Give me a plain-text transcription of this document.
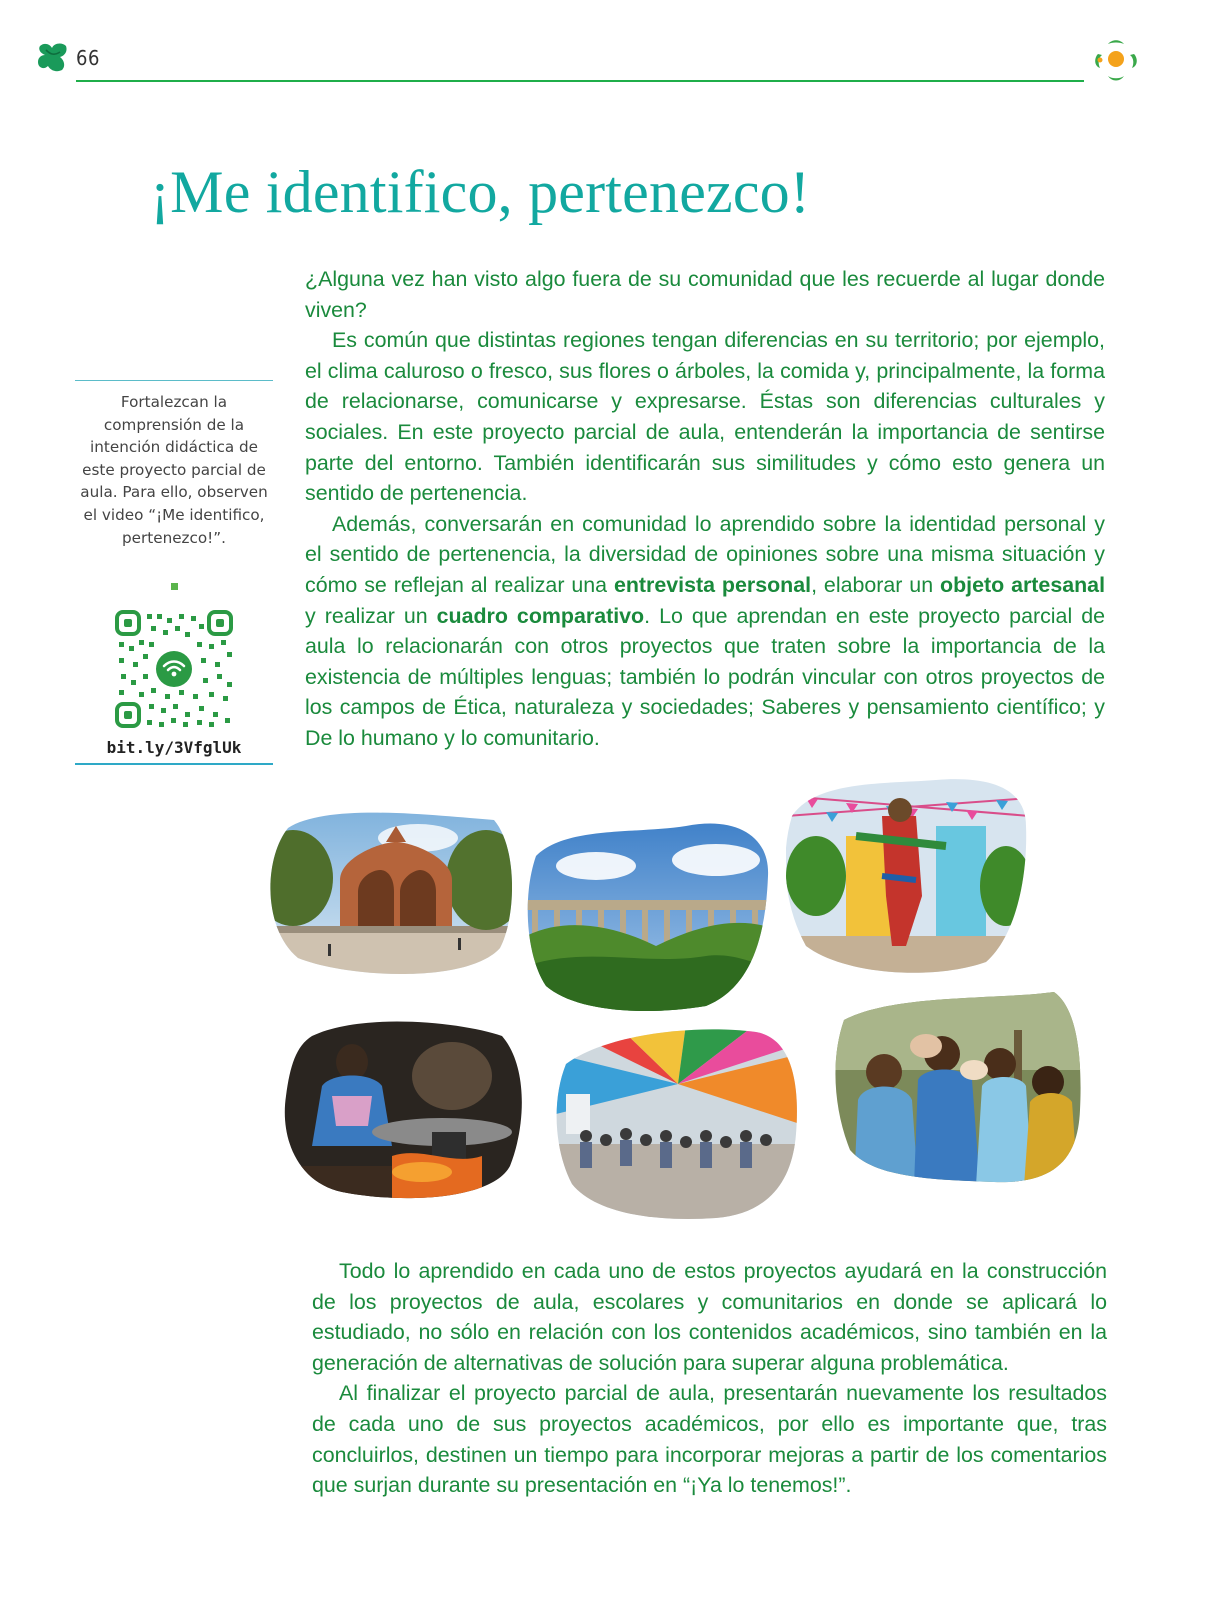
66
¡Me identifico, pertenezco!

¿Alguna vez han visto algo fuera de su comunidad que les recuerde al lugar donde viven?

Es común que distintas regiones tengan diferencias en su territorio; por ejemplo, el clima caluroso o fresco, sus flores o árboles, la comida y, principalmente, la forma de relacionarse, comunicarse y expresarse. Éstas son diferencias culturales y sociales. En este proyecto parcial de aula, entenderán la importancia de sentirse parte del entorno. También identificarán sus similitudes y cómo esto genera un sentido de pertenencia.

Además, conversarán en comunidad lo aprendido sobre la identidad personal y el sentido de pertenencia, la diversidad de opiniones sobre una misma situación y cómo se reflejan al realizar una entrevista personal, elaborar un objeto artesanal y realizar un cuadro comparativo. Lo que aprendan en este proyecto parcial de aula lo relacionarán con otros proyectos que traten sobre la importancia de la existencia de múltiples lenguas; también lo podrán vincular con otros proyectos de los campos de Ética, naturaleza y sociedades; Saberes y pensamiento científico; y De lo humano y lo comunitario.

Fortalezcan la comprensión de la intención didáctica de este proyecto parcial de aula. Para ello, observen el video “¡Me identifico, pertenezco!”.
bit.ly/3VfglUk

Todo lo aprendido en cada uno de estos proyectos ayudará en la construcción de los proyectos de aula, escolares y comunitarios en donde se aplicará lo estudiado, no sólo en relación con los contenidos académicos, sino también en la generación de alternativas de solución para superar alguna problemática.

Al finalizar el proyecto parcial de aula, presentarán nuevamente los resultados de cada uno de sus proyectos académicos, por ello es importante que, tras concluirlos, destinen un tiempo para incorporar mejoras a partir de los comentarios que surjan durante su presentación en “¡Ya lo tenemos!”.
